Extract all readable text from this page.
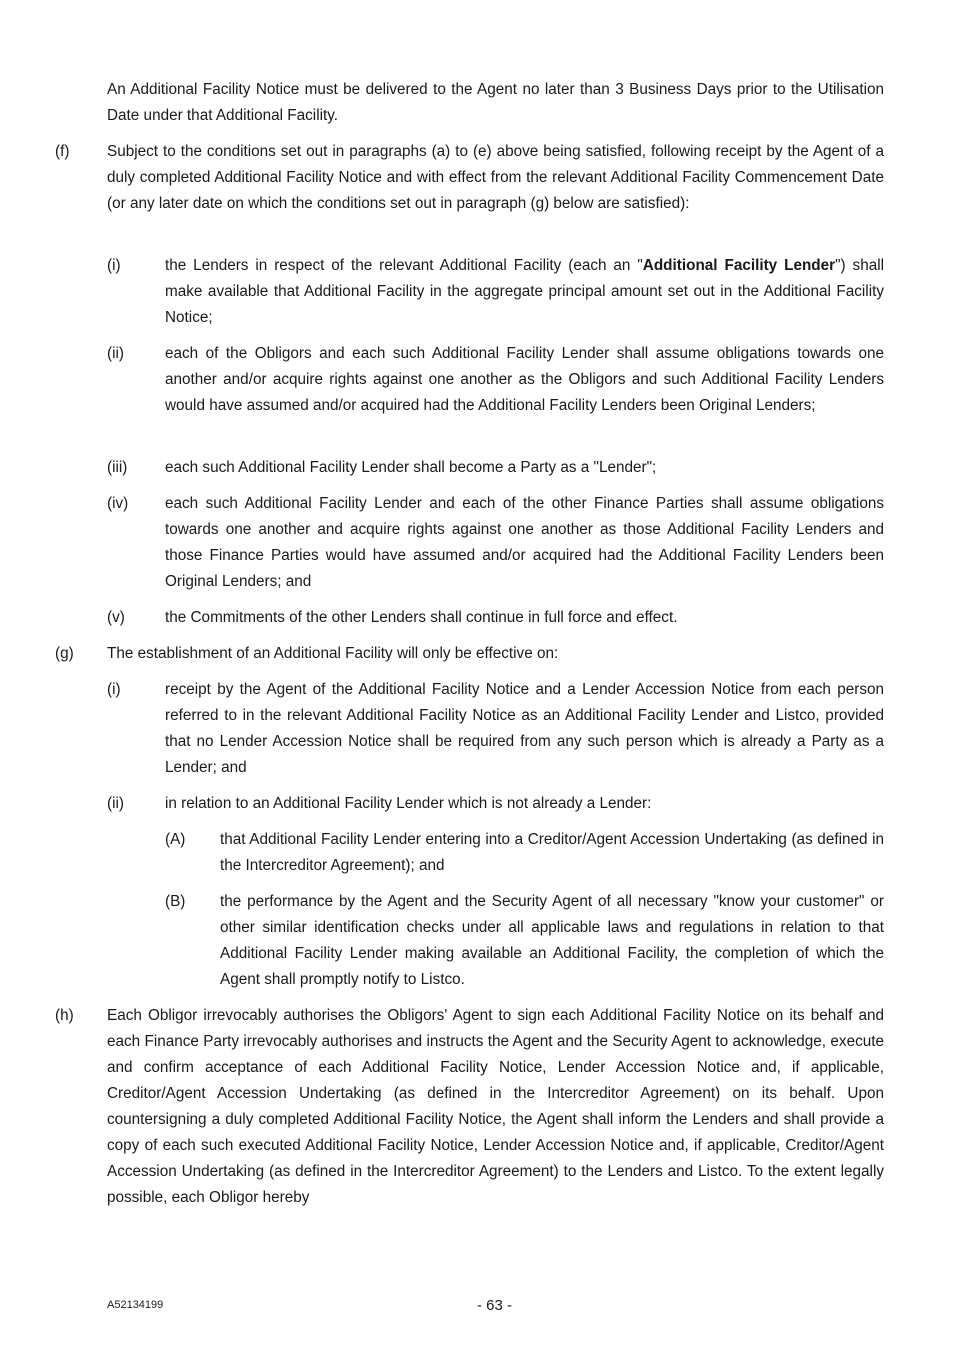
An Additional Facility Notice must be delivered to the Agent no later than 3 Business Days prior to the Utilisation Date under that Additional Facility.
(f) Subject to the conditions set out in paragraphs (a) to (e) above being satisfied, following receipt by the Agent of a duly completed Additional Facility Notice and with effect from the relevant Additional Facility Commencement Date (or any later date on which the conditions set out in paragraph (g) below are satisfied):
(i)	the Lenders in respect of the relevant Additional Facility (each an "Additional Facility Lender") shall make available that Additional Facility in the aggregate principal amount set out in the Additional Facility Notice;
(ii)	each of the Obligors and each such Additional Facility Lender shall assume obligations towards one another and/or acquire rights against one another as the Obligors and such Additional Facility Lenders would have assumed and/or acquired had the Additional Facility Lenders been Original Lenders;
(iii) each such Additional Facility Lender shall become a Party as a "Lender";
(iv) each such Additional Facility Lender and each of the other Finance Parties shall assume obligations towards one another and acquire rights against one another as those Additional Facility Lenders and those Finance Parties would have assumed and/or acquired had the Additional Facility Lenders been Original Lenders; and
(v)	the Commitments of the other Lenders shall continue in full force and effect.
(g) The establishment of an Additional Facility will only be effective on:
(i)	receipt by the Agent of the Additional Facility Notice and a Lender Accession Notice from each person referred to in the relevant Additional Facility Notice as an Additional Facility Lender and Listco, provided that no Lender Accession Notice shall be required from any such person which is already a Party as a Lender; and
(ii)	in relation to an Additional Facility Lender which is not already a Lender:
(A) that Additional Facility Lender entering into a Creditor/Agent Accession Undertaking (as defined in the Intercreditor Agreement); and
(B) the performance by the Agent and the Security Agent of all necessary "know your customer" or other similar identification checks under all applicable laws and regulations in relation to that Additional Facility Lender making available an Additional Facility, the completion of which the Agent shall promptly notify to Listco.
(h) Each Obligor irrevocably authorises the Obligors' Agent to sign each Additional Facility Notice on its behalf and each Finance Party irrevocably authorises and instructs the Agent and the Security Agent to acknowledge, execute and confirm acceptance of each Additional Facility Notice, Lender Accession Notice and, if applicable, Creditor/Agent Accession Undertaking (as defined in the Intercreditor Agreement) on its behalf. Upon countersigning a duly completed Additional Facility Notice, the Agent shall inform the Lenders and shall provide a copy of each such executed Additional Facility Notice, Lender Accession Notice and, if applicable, Creditor/Agent Accession Undertaking (as defined in the Intercreditor Agreement) to the Lenders and Listco. To the extent legally possible, each Obligor hereby
A52134199	- 63 -
